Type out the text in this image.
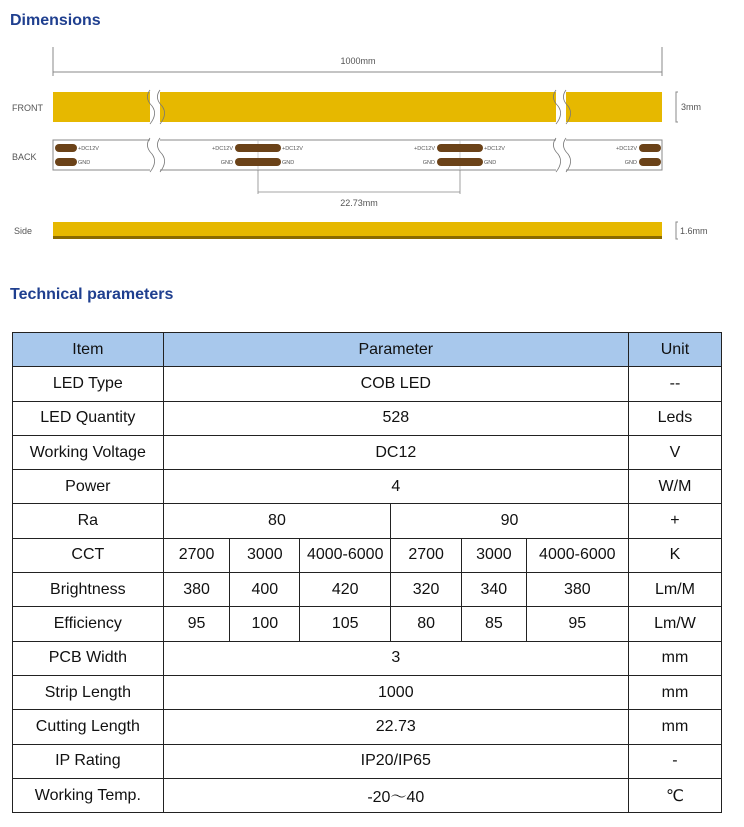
Dimensions
1000mm
FRONT	3mm
BACK
+DC12V
GND
+DC12V
GND
+DC12V
GND
+DC12V
GND
+DC12V
GND
+DC12V
GND
22.73mm
Side	1.6mm
Technical parameters
Item	Parameter						Unit
LED Type	COB LED						--
LED Quantity	528						Leds
Working Voltage	DC12						V
Power	4						W/M
Ra	80			90			+
CCT	2700	3000	4000-6000	2700	3000	4000-6000	K
Brightness	380	400	420	320	340	380	Lm/M
Efficiency	95	100	105	80	85	95	Lm/W
PCB Width	3						mm
Strip Length	1000						mm
Cutting Length	22.73						mm
IP Rating	IP20/IP65						-
Working Temp.	-20～40						℃
